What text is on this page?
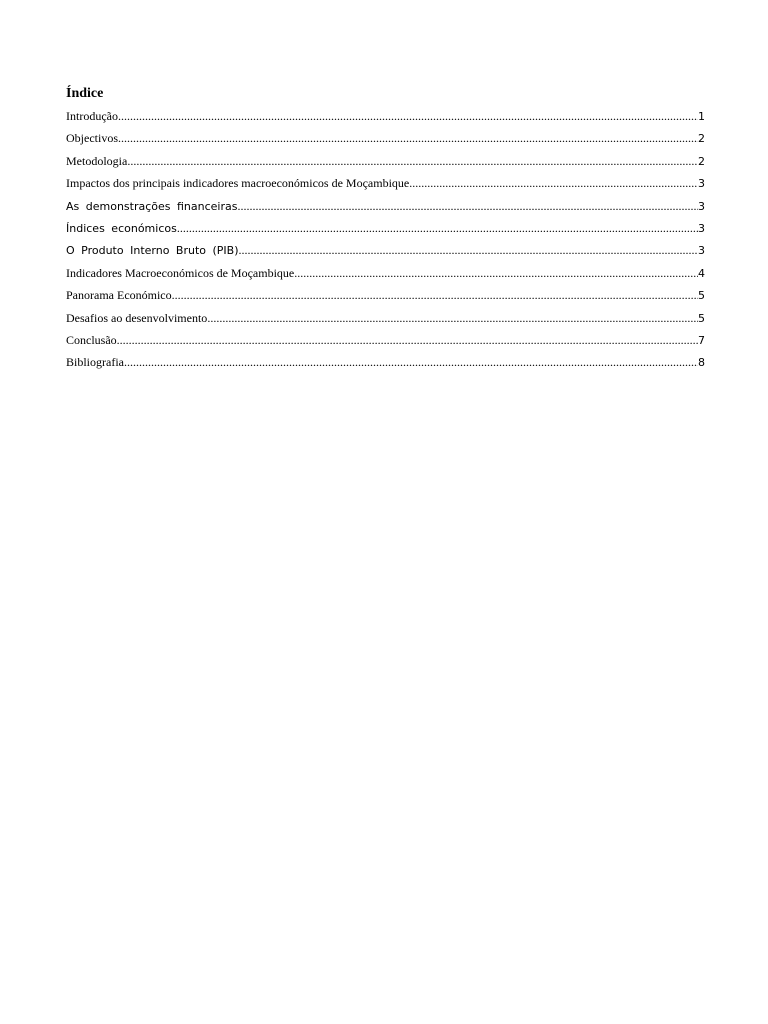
Índice
Introdução .....	1
Objectivos .....	2
Metodologia .....	2
Impactos dos principais indicadores macroeconómicos de Moçambique. .....	3
As demonstrações financeiras .....	3
Índices económicos .....	3
O Produto Interno Bruto (PIB) .....	3
Indicadores Macroeconómicos de Moçambique .....	4
Panorama Económico .....	5
Desafios ao desenvolvimento .....	5
Conclusão .....	7
Bibliografia .....	8
